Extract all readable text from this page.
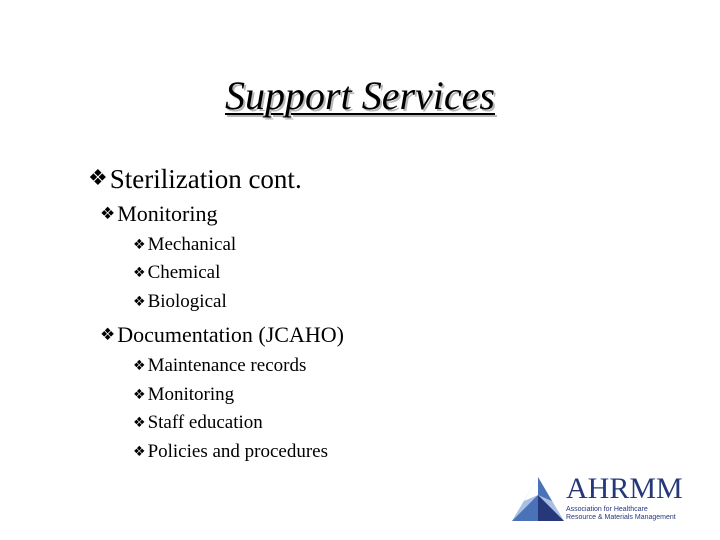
Support Services
❖ Sterilization cont.
❖ Monitoring
❖ Mechanical
❖ Chemical
❖ Biological
❖ Documentation (JCAHO)
❖ Maintenance records
❖ Monitoring
❖ Staff education
❖ Policies and procedures
AHRMM
Association for Healthcare
Resource & Materials Management
